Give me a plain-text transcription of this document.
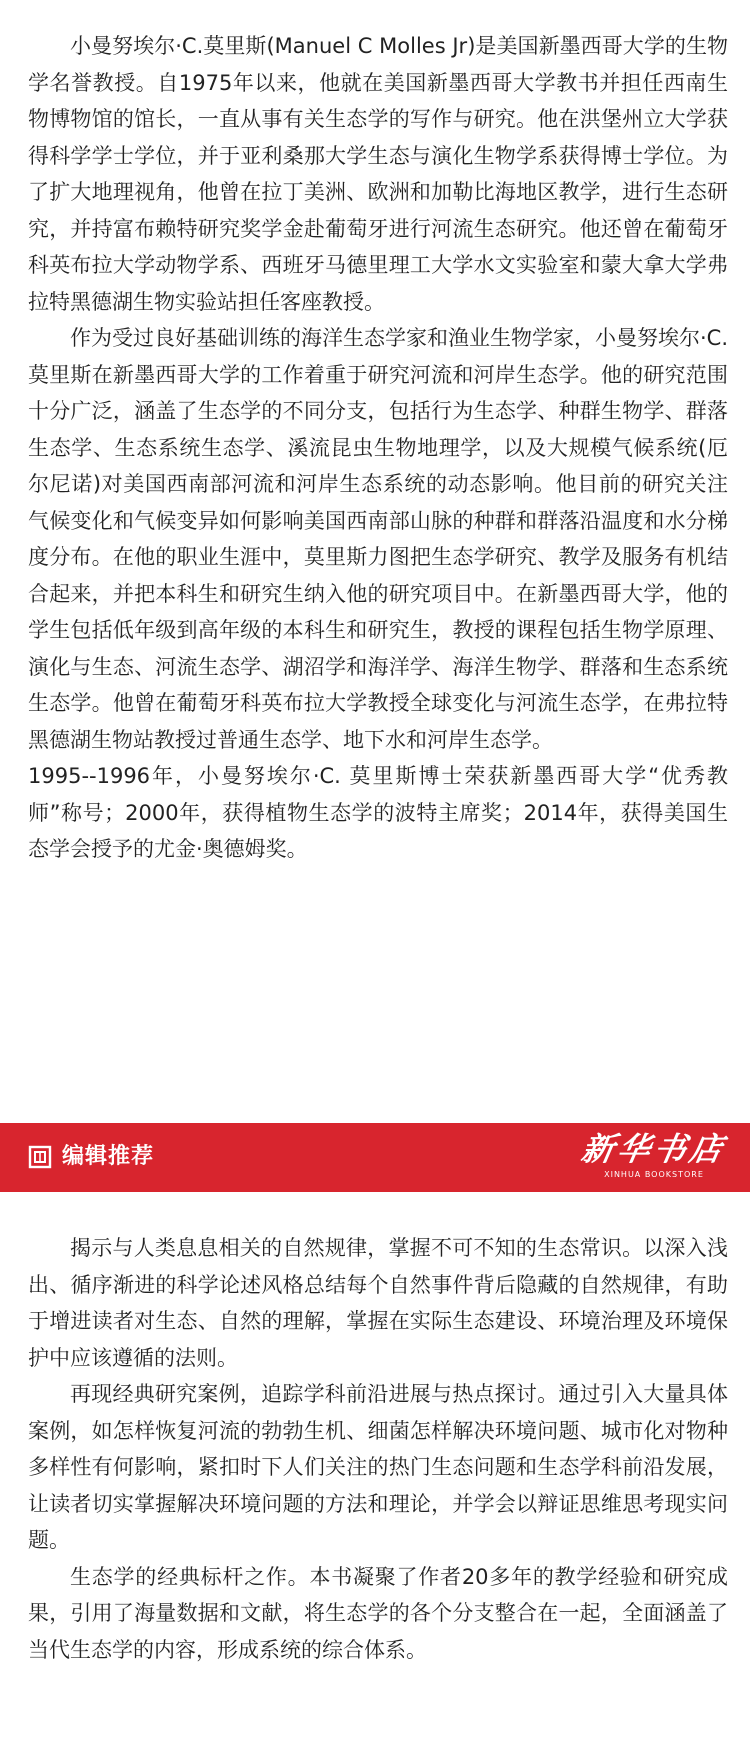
小曼努埃尔·C.莫里斯(Manuel C Molles Jr)是美国新墨西哥大学的生物学名誉教授。自1975年以来，他就在美国新墨西哥大学教书并担任西南生物博物馆的馆长，一直从事有关生态学的写作与研究。他在洪堡州立大学获得科学学士学位，并于亚利桑那大学生态与演化生物学系获得博士学位。为了扩大地理视角，他曾在拉丁美洲、欧洲和加勒比海地区教学，进行生态研究，并持富布赖特研究奖学金赴葡萄牙进行河流生态研究。他还曾在葡萄牙科英布拉大学动物学系、西班牙马德里理工大学水文实验室和蒙大拿大学弗拉特黑德湖生物实验站担任客座教授。

作为受过良好基础训练的海洋生态学家和渔业生物学家，小曼努埃尔·C. 莫里斯在新墨西哥大学的工作着重于研究河流和河岸生态学。他的研究范围十分广泛，涵盖了生态学的不同分支，包括行为生态学、种群生物学、群落生态学、生态系统生态学、溪流昆虫生物地理学，以及大规模气候系统(厄尔尼诺)对美国西南部河流和河岸生态系统的动态影响。他目前的研究关注气候变化和气候变异如何影响美国西南部山脉的种群和群落沿温度和水分梯度分布。在他的职业生涯中，莫里斯力图把生态学研究、教学及服务有机结合起来，并把本科生和研究生纳入他的研究项目中。在新墨西哥大学，他的学生包括低年级到高年级的本科生和研究生，教授的课程包括生物学原理、演化与生态、河流生态学、湖沼学和海洋学、海洋生物学、群落和生态系统生态学。他曾在葡萄牙科英布拉大学教授全球变化与河流生态学，在弗拉特黑德湖生物站教授过普通生态学、地下水和河岸生态学。

1995--1996年，小曼努埃尔·C. 莫里斯博士荣获新墨西哥大学“优秀教师”称号；2000年，获得植物生态学的波特主席奖；2014年，获得美国生态学会授予的尤金·奥德姆奖。

编辑推荐	新华书店
XINHUA BOOKSTORE

揭示与人类息息相关的自然规律，掌握不可不知的生态常识。以深入浅出、循序渐进的科学论述风格总结每个自然事件背后隐藏的自然规律，有助于增进读者对生态、自然的理解，掌握在实际生态建设、环境治理及环境保护中应该遵循的法则。

再现经典研究案例，追踪学科前沿进展与热点探讨。通过引入大量具体案例，如怎样恢复河流的勃勃生机、细菌怎样解决环境问题、城市化对物种多样性有何影响，紧扣时下人们关注的热门生态问题和生态学科前沿发展，让读者切实掌握解决环境问题的方法和理论，并学会以辩证思维思考现实问题。

生态学的经典标杆之作。本书凝聚了作者20多年的教学经验和研究成果，引用了海量数据和文献，将生态学的各个分支整合在一起，全面涵盖了当代生态学的内容，形成系统的综合体系。
